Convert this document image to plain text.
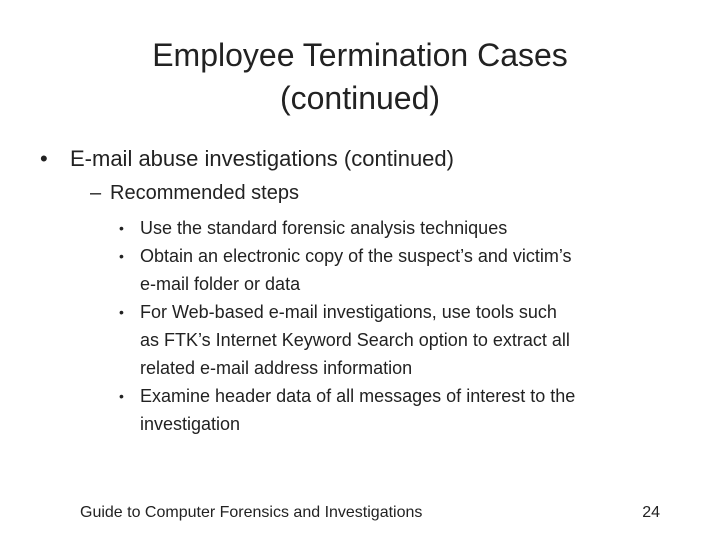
Employee Termination Cases
(continued)
• E-mail abuse investigations (continued)
– Recommended steps
• Use the standard forensic analysis techniques
• Obtain an electronic copy of the suspect’s and victim’s
e-mail folder or data
• For Web-based e-mail investigations, use tools such
as FTK’s Internet Keyword Search option to extract all
related e-mail address information
• Examine header data of all messages of interest to the
investigation
Guide to Computer Forensics and Investigations	24
